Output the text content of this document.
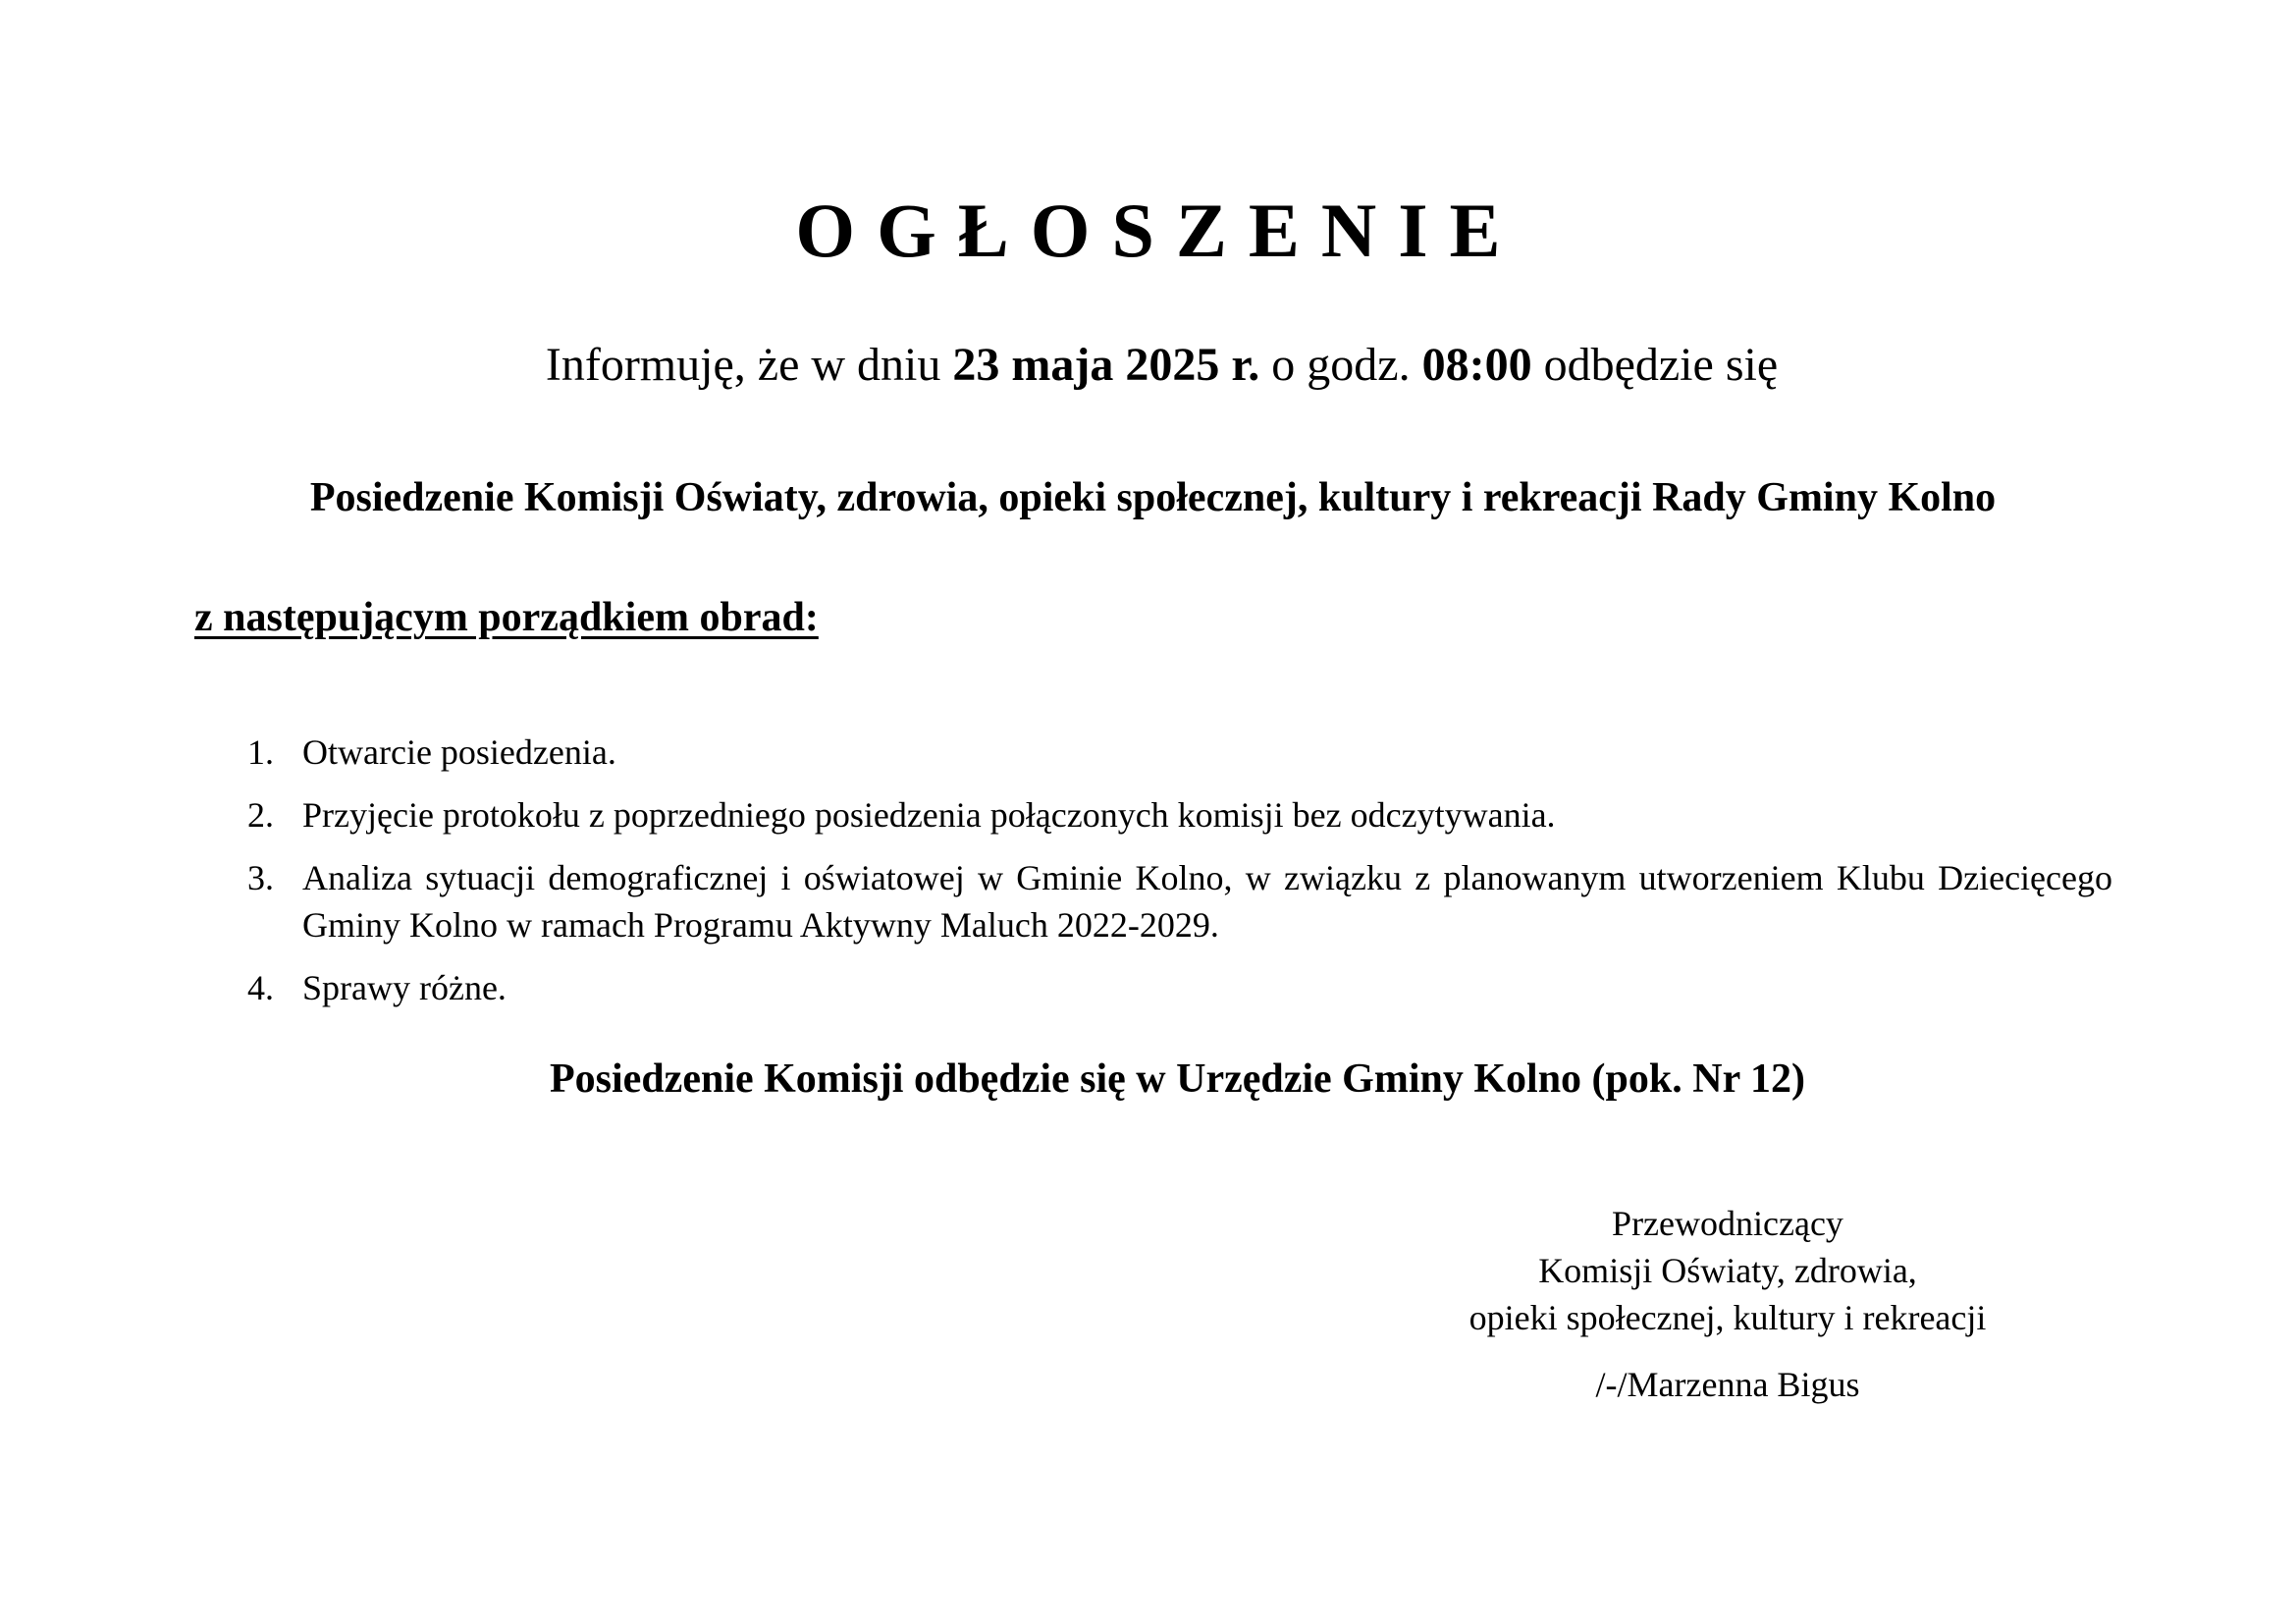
OGŁOSZENIE
Informuję, że w dniu 23 maja 2025 r. o godz. 08:00 odbędzie się
Posiedzenie Komisji Oświaty, zdrowia, opieki społecznej, kultury i rekreacji Rady Gminy Kolno
z następującym porządkiem obrad:
1. Otwarcie posiedzenia.
2. Przyjęcie protokołu z poprzedniego posiedzenia połączonych komisji bez odczytywania.
3. Analiza sytuacji demograficznej i oświatowej w Gminie Kolno, w związku z planowanym utworzeniem Klubu Dziecięcego Gminy Kolno w ramach Programu Aktywny Maluch 2022-2029.
4. Sprawy różne.
Posiedzenie Komisji odbędzie się w Urzędzie Gminy Kolno (pok. Nr 12)
Przewodniczący
Komisji Oświaty, zdrowia,
opieki społecznej, kultury i rekreacji
/-/Marzenna Bigus
